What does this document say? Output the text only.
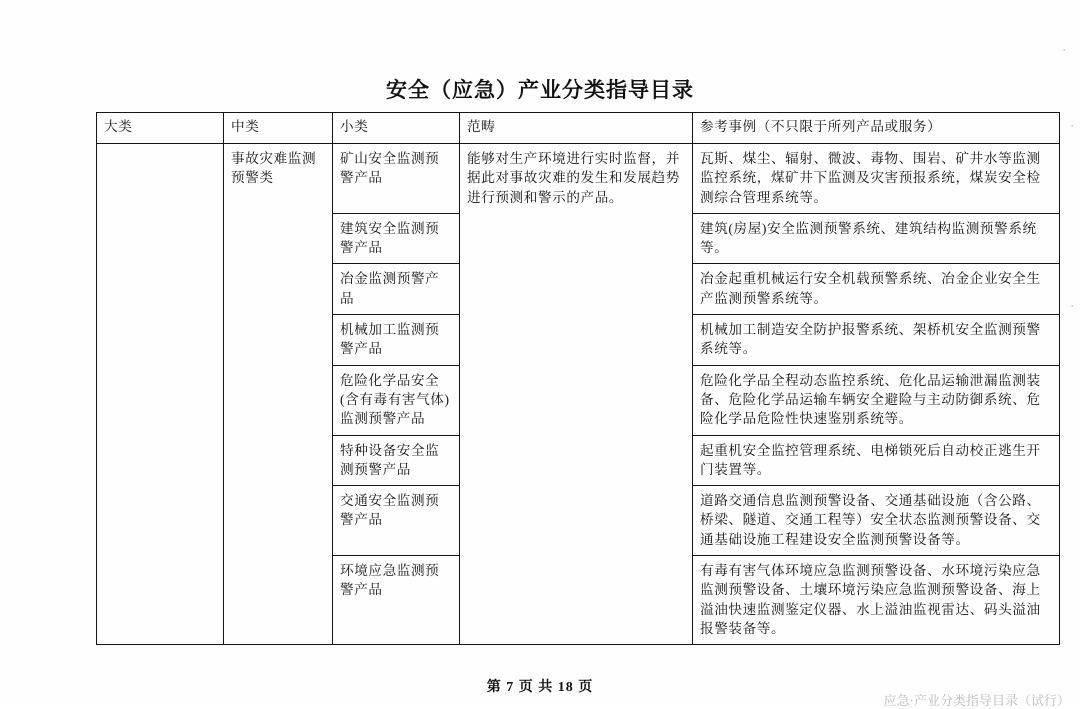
安全（应急）产业分类指导目录
大类	中类	小类	范畴	参考事例（不只限于所列产品或服务）
	事故灾难监测预警类	矿山安全监测预警产品	能够对生产环境进行实时监督，并据此对事故灾难的发生和发展趋势进行预测和警示的产品。	瓦斯、煤尘、辐射、微波、毒物、围岩、矿井水等监测监控系统，煤矿井下监测及灾害预报系统，煤炭安全检测综合管理系统等。
		建筑安全监测预警产品		建筑(房屋)安全监测预警系统、建筑结构监测预警系统等。
		冶金监测预警产品		冶金起重机械运行安全机载预警系统、冶金企业安全生产监测预警系统等。
		机械加工监测预警产品		机械加工制造安全防护报警系统、架桥机安全监测预警系统等。
		危险化学品安全(含有毒有害气体)监测预警产品		危险化学品全程动态监控系统、危化品运输泄漏监测装备、危险化学品运输车辆安全避险与主动防御系统、危险化学品危险性快速鉴别系统等。
		特种设备安全监测预警产品		起重机安全监控管理系统、电梯锁死后自动校正逃生开门装置等。
		交通安全监测预警产品		道路交通信息监测预警设备、交通基础设施（含公路、桥梁、隧道、交通工程等）安全状态监测预警设备、交通基础设施工程建设安全监测预警设备等。
		环境应急监测预警产品		有毒有害气体环境应急监测预警设备、水环境污染应急监测预警设备、土壤环境污染应急监测预警设备、海上溢油快速监测鉴定仪器、水上溢油监视雷达、码头溢油报警装备等。
第 7 页 共 18 页
·
·
·
应急·产业分类指导目录（试行）
